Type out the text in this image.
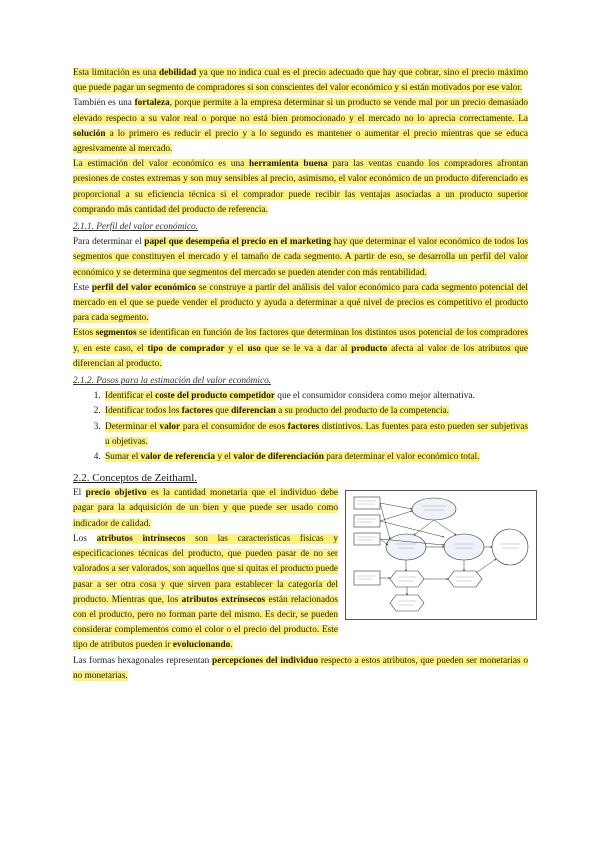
Esta limitación es una debilidad ya que no indica cual es el precio adecuado que hay que cobrar, sino el precio máximo que puede pagar un segmento de compradores si son conscientes del valor económico y si están motivados por ese valor.

También es una fortaleza, porque permite a la empresa determinar si un producto se vende mal por un precio demasiado elevado respecto a su valor real o porque no está bien promocionado y el mercado no lo aprecia correctamente. La solución a lo primero es reducir el precio y a lo segundo es mantener o aumentar el precio mientras que se educa agresivamente al mercado.

La estimación del valor económico es una herramienta buena para las ventas cuando los compradores afrontan presiones de costes extremas y son muy sensibles al precio, asimismo, el valor económico de un producto diferenciado es proporcional a su eficiencia técnica si el comprador puede recibir las ventajas asociadas a un producto superior comprando más cantidad del producto de referencia.

2.1.1. Perfil del valor económico.

Para determinar el papel que desempeña el precio en el marketing hay que determinar el valor económico de todos los segmentos que constituyen el mercado y el tamaño de cada segmento. A partir de eso, se desarrolla un perfil del valor económico y se determina que segmentos del mercado se pueden atender con más rentabilidad.

Este perfil del valor económico se construye a partir del análisis del valor económico para cada segmento potencial del mercado en el que se puede vender el producto y ayuda a determinar a qué nivel de precios es competitivo el producto para cada segmento.

Estos segmentos se identifican en función de los factores que determinan los distintos usos potencial de los compradores y, en este caso, el tipo de comprador y el uso que se le va a dar al producto afecta al valor de los atributos que diferencian al producto.

2.1.2. Pasos para la estimación del valor económico.

1. Identificar el coste del producto competidor que el consumidor considera como mejor alternativa.
2. Identificar todos los factores que diferencian a su producto del producto de la competencia.
3. Determinar el valor para el consumidor de esos factores distintivos. Las fuentes para esto pueden ser subjetivas u objetivas.
4. Sumar el valor de referencia y el valor de diferenciación para determinar el valor económico total.

2.2. Conceptos de Zeithaml.

El precio objetivo es la cantidad monetaria que el individuo debe pagar para la adquisición de un bien y que puede ser usado como indicador de calidad.

Los atributos intrínsecos son las características físicas y especificaciones técnicas del producto, que pueden pasar de no ser valorados a ser valorados, son aquellos que si quitas el producto puede pasar a ser otra cosa y que sirven para establecer la categoría del producto. Mientras que, los atributos extrínsecos están relacionados con el producto, pero no forman parte del mismo. Es decir, se pueden considerar complementos como el color o el precio del producto. Este tipo de atributos pueden ir evolucionando.

Las formas hexagonales representan percepciones del individuo respecto a estos atributos, que pueden ser monetarias o no monetarias.
